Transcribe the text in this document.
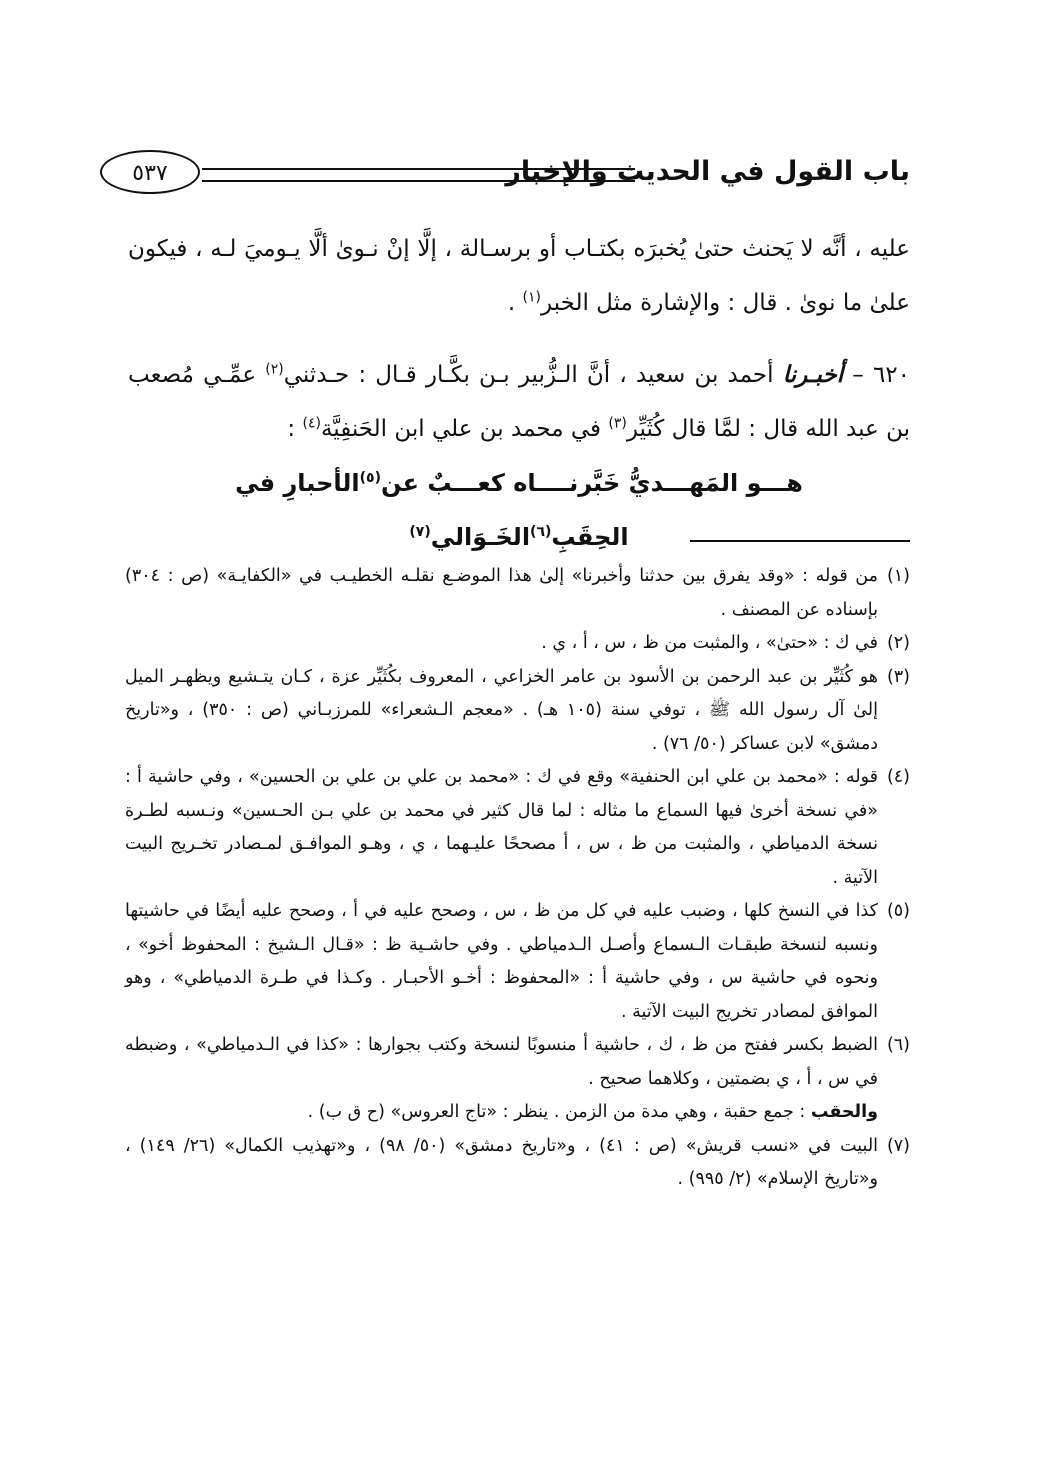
باب القول في الحديث والإخبار
٥٣٧

عليه ، أنَّه لا يَحنث حتىٰ يُخبرَه بكتـاب أو برسـالة ، إلَّا إنْ نـوىٰ ألَّا يـوميَ لـه ، فيكون علىٰ ما نوىٰ . قال : والإشارة مثل الخبر$^{(١)}$ .

٦٢٠ – أخبـرنا أحمد بن سعيد ، أنَّ الـزُّبير بـن بكَّـار قـال : حـدثني$^{(٢)}$ عمِّـي مُصعب بن عبد الله قال : لمَّا قال كُثَيِّر$^{(٣)}$ في محمد بن علي ابن الحَنفِيَّة$^{(٤)}$ :

هـــو المَهـــديُّ خَبَّرنــــاه كعـــبٌ عن$^{(٥)}$الأحبارِ في الحِقَبِ$^{(٦)}$الخَـوَالي$^{(٧)}$

(١)
من قوله : «وقد يفرق بين حدثنا وأخبرنا» إلىٰ هذا الموضـع نقلـه الخطيـب في «الكفايـة» (ص : ٣٠٤) بإسناده عن المصنف .

(٢)
في ك : «حتىٰ» ، والمثبت من ظ ، س ، أ ، ي .

(٣)
هو كُثَيِّر بن عبد الرحمن بن الأسود بن عامر الخزاعي ، المعروف بكُثَيِّر عزة ، كـان يتـشيع ويظهـر الميل إلىٰ آل رسول الله ﷺ ، توفي سنة (١٠٥ هـ) . «معجم الـشعراء» للمرزبـاني (ص : ٣٥٠) ، و«تاريخ دمشق» لابن عساكر (٥٠/ ٧٦) .

(٤)
قوله : «محمد بن علي ابن الحنفية» وقع في ك : «محمد بن علي بن علي بن الحسين» ، وفي حاشية أ : «في نسخة أخرىٰ فيها السماع ما مثاله : لما قال كثير في محمد بن علي بـن الحـسين» ونـسبه لطـرة نسخة الدمياطي ، والمثبت من ظ ، س ، أ مصححًا عليـهما ، ي ، وهـو الموافـق لمـصادر تخـريج البيت الآتية .

(٥)
كذا في النسخ كلها ، وضبب عليه في كل من ظ ، س ، وصحح عليه في أ ، وصحح عليه أيضًا في حاشيتها ونسبه لنسخة طبقـات الـسماع وأصـل الـدمياطي . وفي حاشـية ظ : «قـال الـشيخ : المحفوظ أخو» ، ونحوه في حاشية س ، وفي حاشية أ : «المحفوظ : أخـو الأحبـار . وكـذا في طـرة الدمياطي» ، وهو الموافق لمصادر تخريج البيت الآتية .

(٦)
الضبط بكسر ففتح من ظ ، ك ، حاشية أ منسوبًا لنسخة وكتب بجوارها : «كذا في الـدمياطي» ، وضبطه في س ، أ ، ي بضمتين ، وكلاهما صحيح .
والحقب : جمع حقبة ، وهي مدة من الزمن . ينظر : «تاج العروس» (ح ق ب) .

(٧)
البيت في «نسب قريش» (ص : ٤١) ، و«تاريخ دمشق» (٥٠/ ٩٨) ، و«تهذيب الكمال» (٢٦/ ١٤٩) ، و«تاريخ الإسلام» (٢/ ٩٩٥) .
